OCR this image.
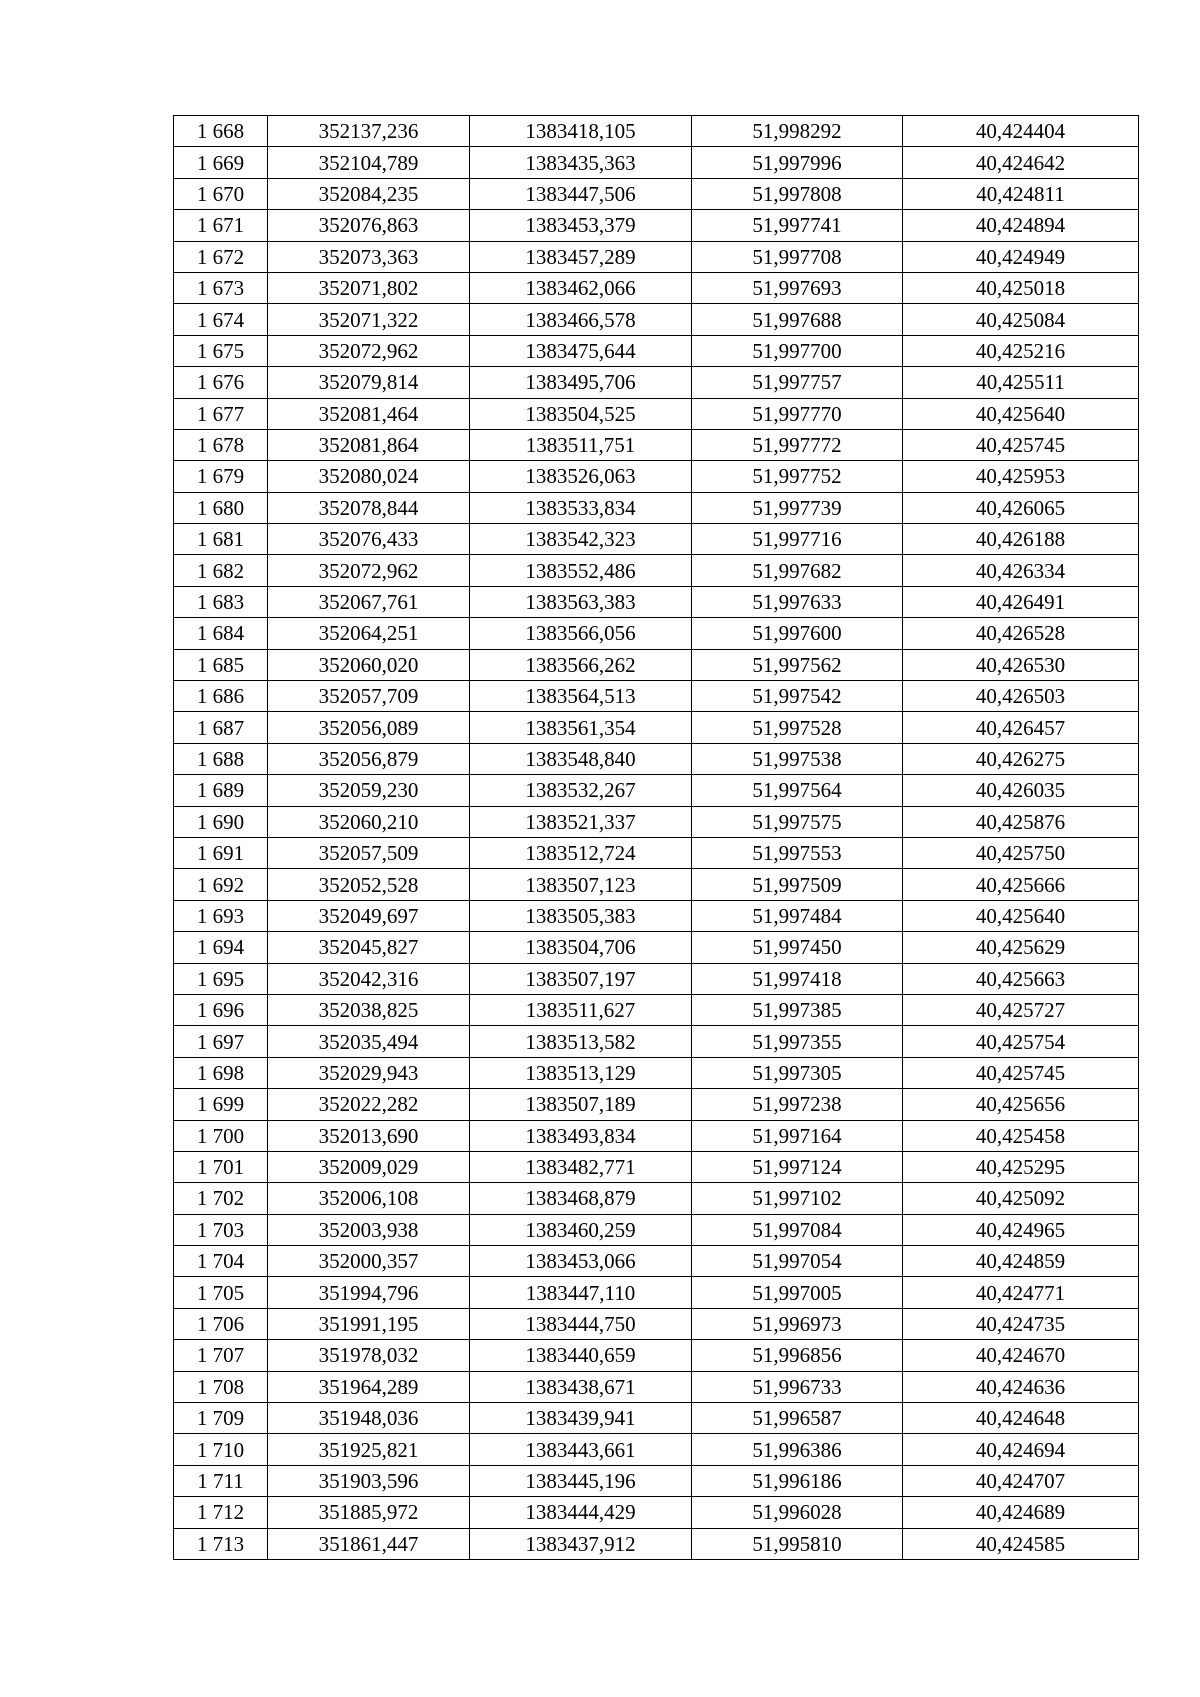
1 668	352137,236	1383418,105	51,998292	40,424404
1 669	352104,789	1383435,363	51,997996	40,424642
1 670	352084,235	1383447,506	51,997808	40,424811
1 671	352076,863	1383453,379	51,997741	40,424894
1 672	352073,363	1383457,289	51,997708	40,424949
1 673	352071,802	1383462,066	51,997693	40,425018
1 674	352071,322	1383466,578	51,997688	40,425084
1 675	352072,962	1383475,644	51,997700	40,425216
1 676	352079,814	1383495,706	51,997757	40,425511
1 677	352081,464	1383504,525	51,997770	40,425640
1 678	352081,864	1383511,751	51,997772	40,425745
1 679	352080,024	1383526,063	51,997752	40,425953
1 680	352078,844	1383533,834	51,997739	40,426065
1 681	352076,433	1383542,323	51,997716	40,426188
1 682	352072,962	1383552,486	51,997682	40,426334
1 683	352067,761	1383563,383	51,997633	40,426491
1 684	352064,251	1383566,056	51,997600	40,426528
1 685	352060,020	1383566,262	51,997562	40,426530
1 686	352057,709	1383564,513	51,997542	40,426503
1 687	352056,089	1383561,354	51,997528	40,426457
1 688	352056,879	1383548,840	51,997538	40,426275
1 689	352059,230	1383532,267	51,997564	40,426035
1 690	352060,210	1383521,337	51,997575	40,425876
1 691	352057,509	1383512,724	51,997553	40,425750
1 692	352052,528	1383507,123	51,997509	40,425666
1 693	352049,697	1383505,383	51,997484	40,425640
1 694	352045,827	1383504,706	51,997450	40,425629
1 695	352042,316	1383507,197	51,997418	40,425663
1 696	352038,825	1383511,627	51,997385	40,425727
1 697	352035,494	1383513,582	51,997355	40,425754
1 698	352029,943	1383513,129	51,997305	40,425745
1 699	352022,282	1383507,189	51,997238	40,425656
1 700	352013,690	1383493,834	51,997164	40,425458
1 701	352009,029	1383482,771	51,997124	40,425295
1 702	352006,108	1383468,879	51,997102	40,425092
1 703	352003,938	1383460,259	51,997084	40,424965
1 704	352000,357	1383453,066	51,997054	40,424859
1 705	351994,796	1383447,110	51,997005	40,424771
1 706	351991,195	1383444,750	51,996973	40,424735
1 707	351978,032	1383440,659	51,996856	40,424670
1 708	351964,289	1383438,671	51,996733	40,424636
1 709	351948,036	1383439,941	51,996587	40,424648
1 710	351925,821	1383443,661	51,996386	40,424694
1 711	351903,596	1383445,196	51,996186	40,424707
1 712	351885,972	1383444,429	51,996028	40,424689
1 713	351861,447	1383437,912	51,995810	40,424585
